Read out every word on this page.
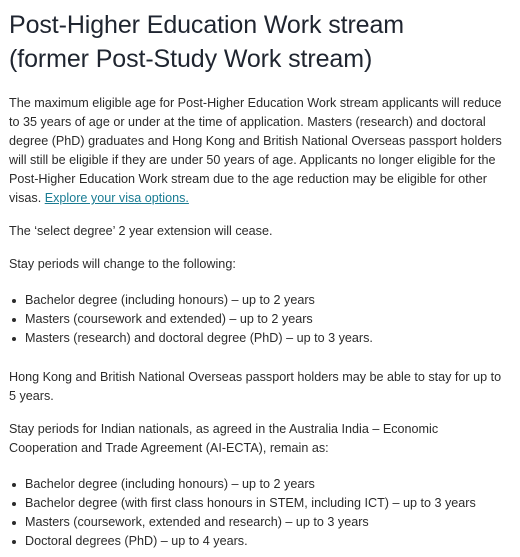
Post-Higher Education Work stream
(former Post-Study Work stream)

The maximum eligible age for Post-Higher Education Work stream applicants will reduce to 35 years of age or under at the time of application. Masters (research) and doctoral degree (PhD) graduates and Hong Kong and British National Overseas passport holders will still be eligible if they are under 50 years of age. Applicants no longer eligible for the Post-Higher Education Work stream due to the age reduction may be eligible for other visas. Explore your visa options.

The ‘select degree’ 2 year extension will cease.

Stay periods will change to the following:

Bachelor degree (including honours) – up to 2 years
Masters (coursework and extended) – up to 2 years
Masters (research) and doctoral degree (PhD) – up to 3 years.

Hong Kong and British National Overseas passport holders may be able to stay for up to 5 years.

Stay periods for Indian nationals, as agreed in the Australia India – Economic Cooperation and Trade Agreement (AI-ECTA), remain as:

Bachelor degree (including honours) – up to 2 years
Bachelor degree (with first class honours in STEM, including ICT) – up to 3 years
Masters (coursework, extended and research) – up to 3 years
Doctoral degrees (PhD) – up to 4 years.
